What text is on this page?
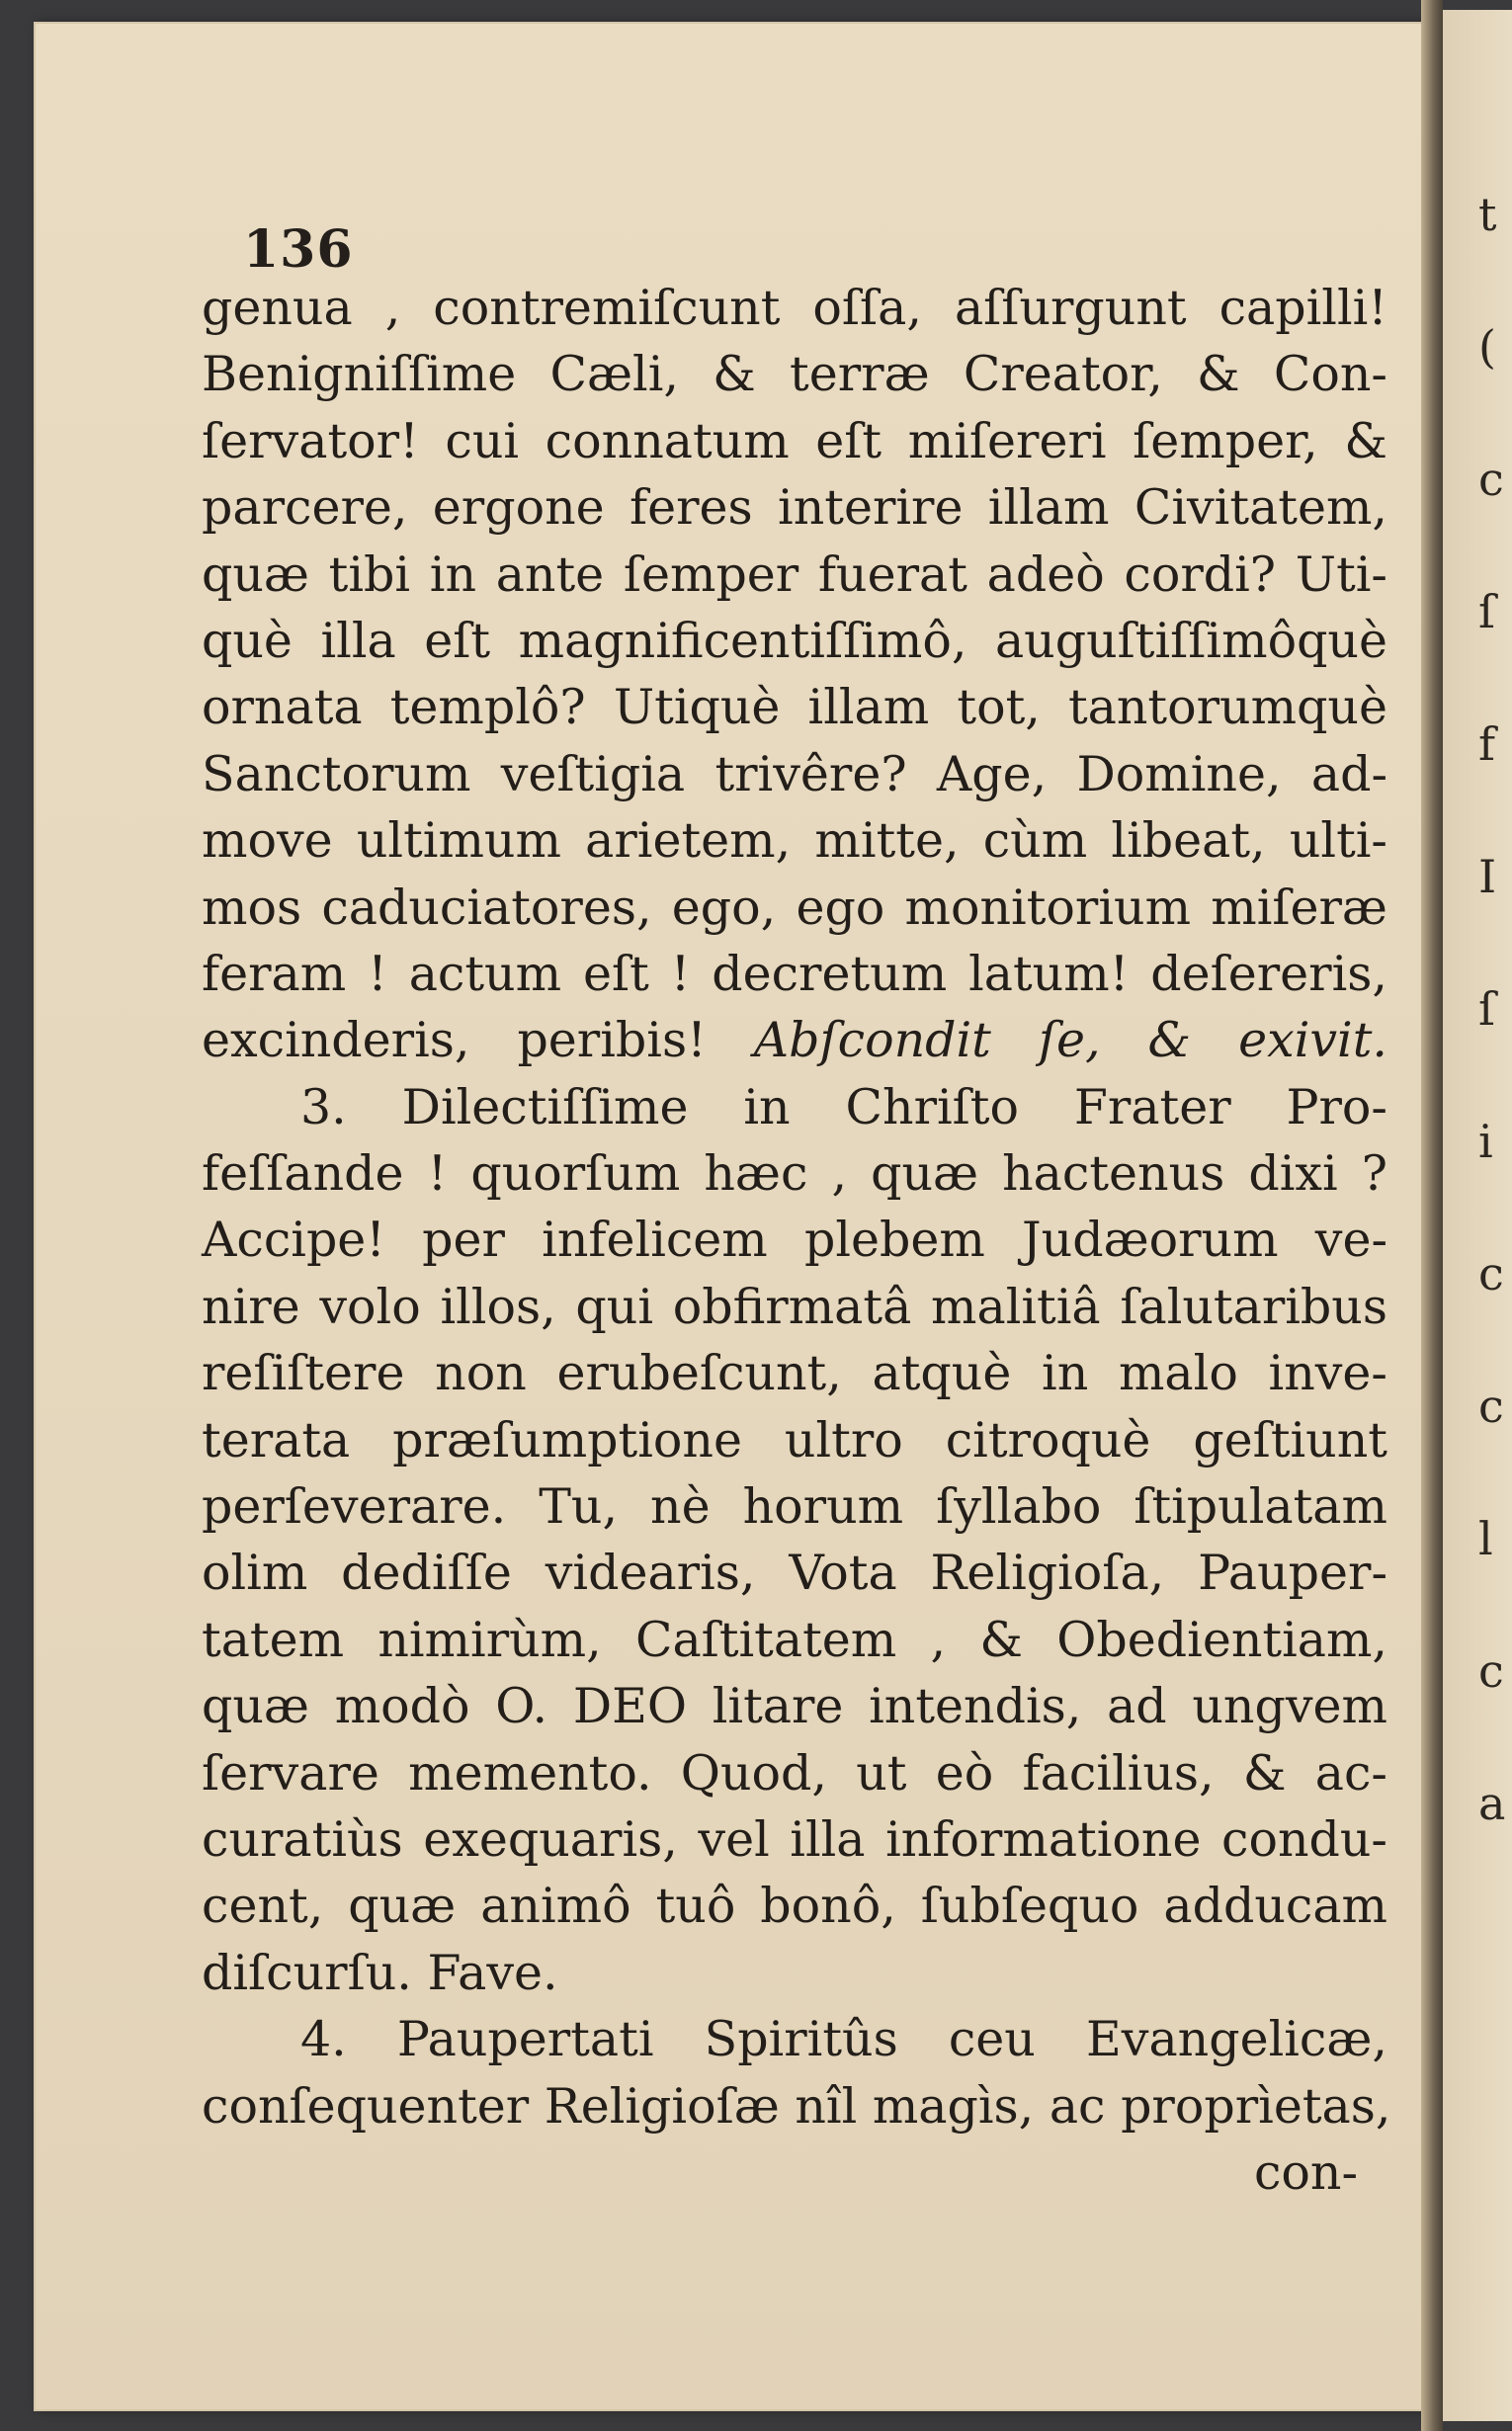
136
genua , contremiſcunt oſſa, aſſurgunt capilli!
Benigniſſime Cæli, & terræ Creator, & Con-
ſervator! cui connatum eſt miſereri ſemper, &
parcere, ergone feres interire illam Civitatem,
quæ tibi in ante ſemper fuerat adeò cordi? Uti-
què illa eſt magnificentiſſimô, auguſtiſſimôquè
ornata templô? Utiquè illam tot, tantorumquè
Sanctorum veſtigia trivêre? Age, Domine, ad-
move ultimum arietem, mitte, cùm libeat, ulti-
mos caduciatores, ego, ego monitorium miſeræ
feram ! actum eſt ! decretum latum! deſereris,
excinderis, peribis! Abſcondit ſe, & exivit.
3. Dilectiſſime in Chriſto Frater Pro-
feſſande ! quorſum hæc , quæ hactenus dixi ?
Accipe! per infelicem plebem Judæorum ve-
nire volo illos, qui obfirmatâ malitiâ ſalutaribus
reſiſtere non erubeſcunt, atquè in malo inve-
terata præſumptione ultro citroquè geſtiunt
perſeverare. Tu, nè horum ſyllabo ſtipulatam
olim dediſſe videaris, Vota Religioſa, Pauper-
tatem nimirùm, Caſtitatem , & Obedientiam,
quæ modò O. DEO litare intendis, ad ungvem
ſervare memento. Quod, ut eò facilius, & ac-
curatiùs exequaris, vel illa informatione condu-
cent, quæ animô tuô bonô, ſubſequo adducam
diſcurſu. Fave.
4. Paupertati Spiritûs ceu Evangelicæ,
conſequenter Religioſæ nîl magìs, ac proprìetas,
con-
t
(
c
ſ
f
I
ſ
i
c
c
l
c
a
